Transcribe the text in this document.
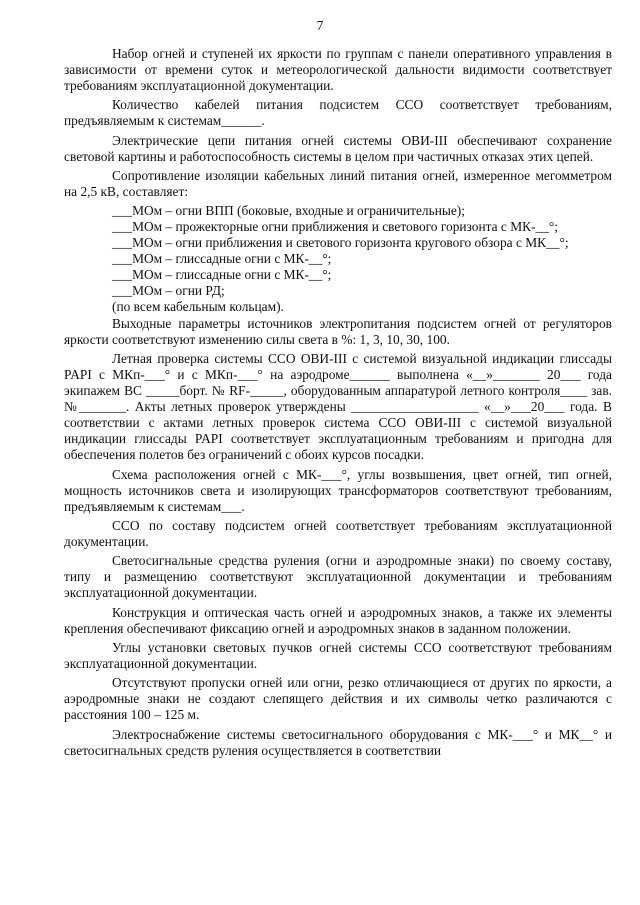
7

Набор огней и ступеней их яркости по группам с панели оперативного управления в зависимости от времени суток и метеорологической дальности видимости соответствует требованиям эксплуатационной документации.

Количество кабелей питания подсистем ССО соответствует требованиям, предъявляемым к системам______.

Электрические цепи питания огней системы ОВИ-III обеспечивают сохранение световой картины и работоспособность системы в целом при частичных отказах этих цепей.

Сопротивление изоляции кабельных линий питания огней, измеренное мегомметром на 2,5 кВ, составляет:

___МОм – огни ВПП (боковые, входные и ограничительные);

___МОм – прожекторные огни приближения и светового горизонта с МК-__°;

___МОм – огни приближения и светового горизонта кругового обзора с МК__°;

___МОм – глиссадные огни с МК-__°;

___МОм – глиссадные огни с МК-__°;

___МОм – огни РД;

(по всем кабельным кольцам).

Выходные параметры источников электропитания подсистем огней от регуляторов яркости соответствуют изменению силы света в %: 1, 3, 10, 30, 100.

Летная проверка системы ССО ОВИ-III с системой визуальной индикации глиссады PAPI с МКп-___° и с МКп-___° на аэродроме______ выполнена «__»_______ 20___ года экипажем ВС _____борт. № RF-_____, оборудованным аппаратурой летного контроля____ зав. №_______. Акты летных проверок утверждены ___________________ «__»___20___ года. В соответствии с актами летных проверок система ССО ОВИ-III с системой визуальной индикации глиссады PAPI соответствует эксплуатационным требованиям и пригодна для обеспечения полетов без ограничений с обоих курсов посадки.

Схема расположения огней с МК-___°, углы возвышения, цвет огней, тип огней, мощность источников света и изолирующих трансформаторов соответствуют требованиям, предъявляемым к системам___.

ССО по составу подсистем огней соответствует требованиям эксплуатационной документации.

Светосигнальные средства руления (огни и аэродромные знаки) по своему составу, типу и размещению соответствуют эксплуатационной документации и требованиям эксплуатационной документации.

Конструкция и оптическая часть огней и аэродромных знаков, а также их элементы крепления обеспечивают фиксацию огней и аэродромных знаков в заданном положении.

Углы установки световых пучков огней системы ССО соответствуют требованиям эксплуатационной документации.

Отсутствуют пропуски огней или огни, резко отличающиеся от других по яркости, а аэродромные знаки не создают слепящего действия и их символы четко различаются с расстояния 100 – 125 м.

Электроснабжение системы светосигнального оборудования с МК-___° и МК__° и светосигнальных средств руления осуществляется в соответствии
